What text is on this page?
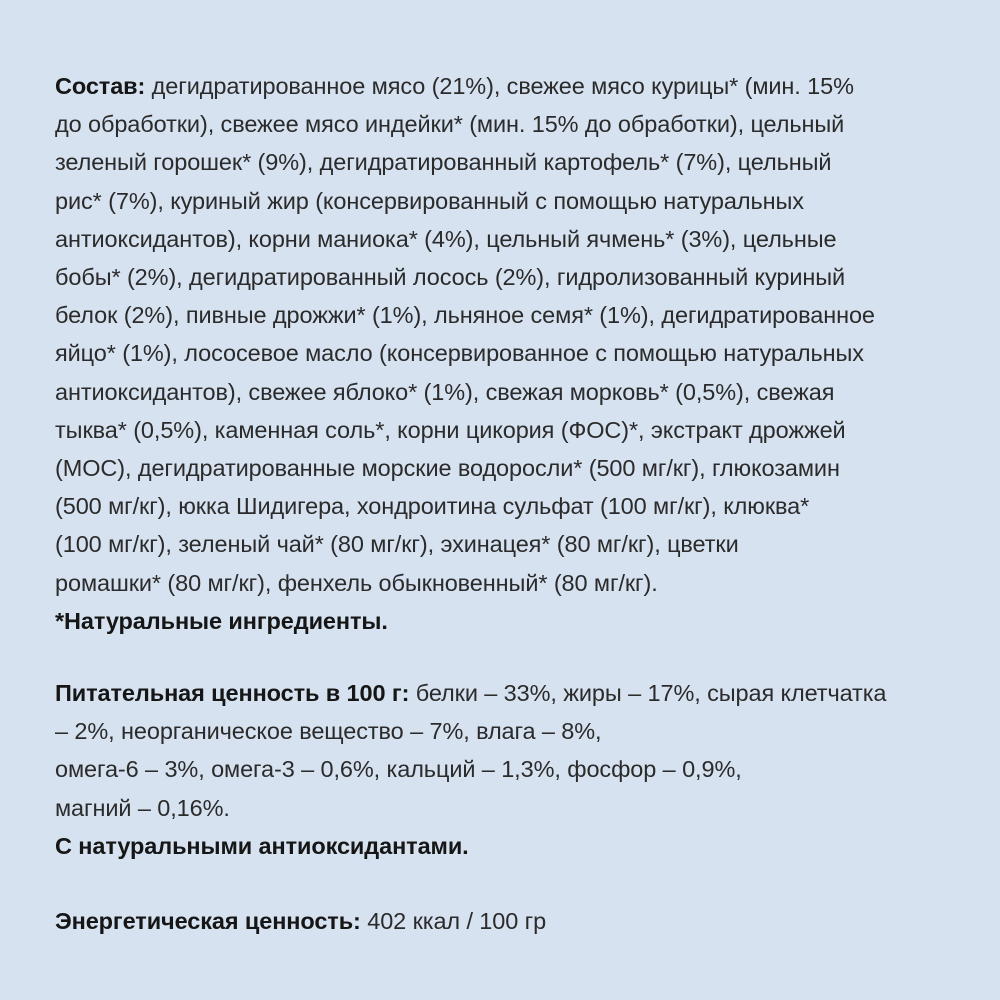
Состав: дегидратированное мясо (21%), свежее мясо курицы* (мин. 15%
до обработки), свежее мясо индейки* (мин. 15% до обработки), цельный
зеленый горошек* (9%), дегидратированный картофель* (7%), цельный
рис* (7%), куриный жир (консервированный с помощью натуральных
антиоксидантов), корни маниока* (4%), цельный ячмень* (3%), цельные
бобы* (2%), дегидратированный лосось (2%), гидролизованный куриный
белок (2%), пивные дрожжи* (1%), льняное семя* (1%), дегидратированное
яйцо* (1%), лососевое масло (консервированное с помощью натуральных
антиоксидантов), свежее яблоко* (1%), свежая морковь* (0,5%), свежая
тыква* (0,5%), каменная соль*, корни цикория (ФОС)*, экстракт дрожжей
(МОС), дегидратированные морские водоросли* (500 мг/кг), глюкозамин
(500 мг/кг), юкка Шидигера, хондроитина сульфат (100 мг/кг), клюква*
(100 мг/кг), зеленый чай* (80 мг/кг), эхинацея* (80 мг/кг), цветки
ромашки* (80 мг/кг), фенхель обыкновенный* (80 мг/кг).
*Натуральные ингредиенты.
Питательная ценность в 100 г: белки – 33%, жиры – 17%, сырая клетчатка
– 2%, неорганическое вещество – 7%, влага – 8%,
омега-6 – 3%, омега-3 – 0,6%, кальций – 1,3%, фосфор – 0,9%,
магний – 0,16%.
С натуральными антиоксидантами.
Энергетическая ценность: 402 ккал / 100 гр
